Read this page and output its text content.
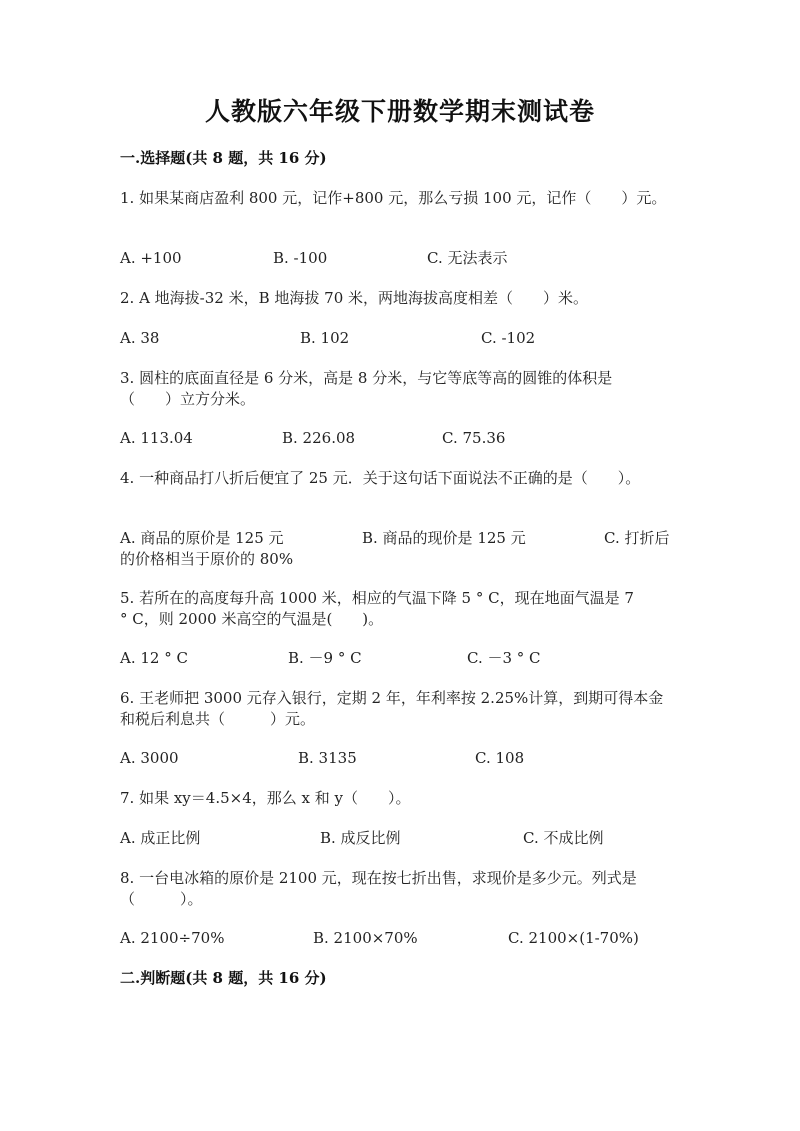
人教版六年级下册数学期末测试卷
一.选择题(共 8 题，共 16 分)
1. 如果某商店盈利 800 元，记作+800 元，那么亏损 100 元，记作（　　）元。
A. +100	B. -100	C. 无法表示
2. A 地海拔-32 米，B 地海拔 70 米，两地海拔高度相差（　　）米。
A. 38	B. 102	C. -102
3. 圆柱的底面直径是 6 分米，高是 8 分米，与它等底等高的圆锥的体积是
（　　）立方分米。
A. 113.04	B. 226.08	C. 75.36
4. 一种商品打八折后便宜了 25 元．关于这句话下面说法不正确的是（　　）。
A. 商品的原价是 125 元	B. 商品的现价是 125 元	C. 打折后
的价格相当于原价的 80%
5. 若所在的高度每升高 1000 米，相应的气温下降 5 ° C，现在地面气温是 7
° C，则 2000 米高空的气温是(　　)。
A. 12 ° C	B. －9 ° C	C. －3 ° C
6. 王老师把 3000 元存入银行，定期 2 年，年利率按 2.25%计算，到期可得本金
和税后利息共（　　　）元。
A. 3000	B. 3135	C. 108
7. 如果 xy＝4.5×4，那么 x 和 y（　　）。
A. 成正比例	B. 成反比例	C. 不成比例
8. 一台电冰箱的原价是 2100 元，现在按七折出售，求现价是多少元。列式是
（　　　）。
A. 2100÷70%	B. 2100×70%	C. 2100×(1-70%)
二.判断题(共 8 题，共 16 分)
